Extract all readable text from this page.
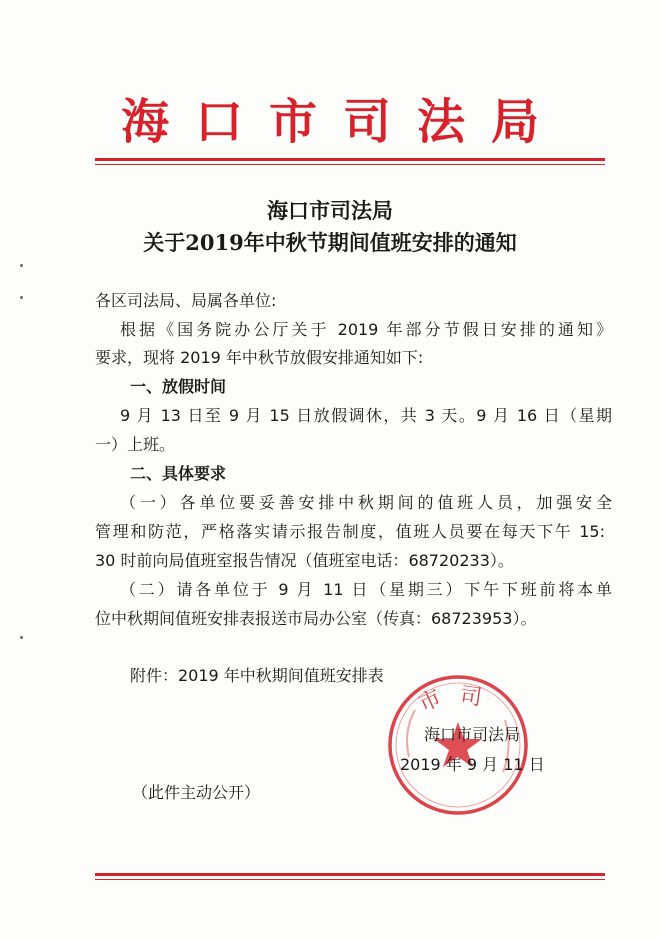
海口市司法局
海口市司法局
关于2019年中秋节期间值班安排的通知
各区司法局、局属各单位:
根据《国务院办公厅关于 2019 年部分节假日安排的通知》
要求，现将 2019 年中秋节放假安排通知如下:
一、放假时间
9 月 13 日至 9 月 15 日放假调休，共 3 天。9 月 16 日（星期
一）上班。
二、具体要求
（一）各单位要妥善安排中秋期间的值班人员，加强安全
管理和防范，严格落实请示报告制度，值班人员要在每天下午 15:
30 时前向局值班室报告情况（值班室电话：68720233）。
（二）请各单位于 9 月 11 日（星期三）下午下班前将本单
位中秋期间值班安排表报送市局办公室（传真：68723953）。
附件：2019 年中秋期间值班安排表
市 司
海口市司法局
2019 年 9 月 11 日
（此件主动公开）
